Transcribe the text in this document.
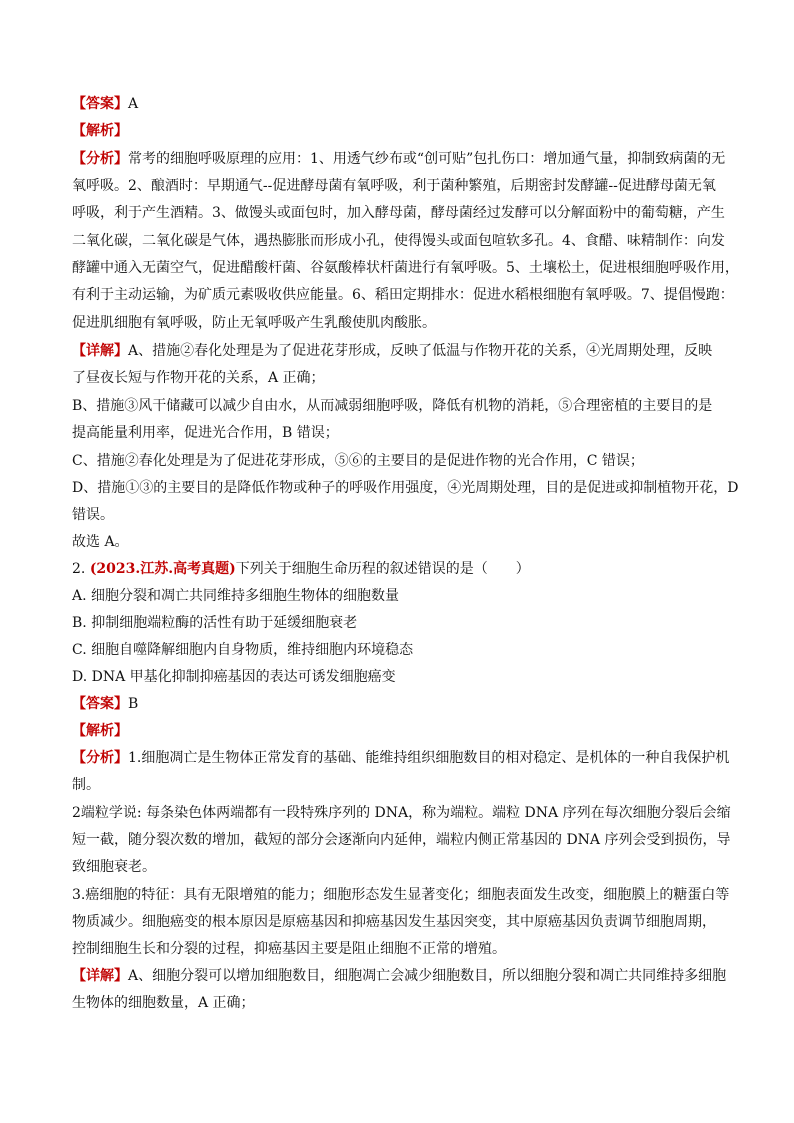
【答案】A
【解析】
【分析】常考的细胞呼吸原理的应用：1、用透气纱布或“创可贴”包扎伤口：增加通气量，抑制致病菌的无
氧呼吸。2、酿酒时：早期通气--促进酵母菌有氧呼吸，利于菌种繁殖，后期密封发酵罐--促进酵母菌无氧
呼吸，利于产生酒精。3、做馒头或面包时，加入酵母菌，酵母菌经过发酵可以分解面粉中的葡萄糖，产生
二氧化碳，二氧化碳是气体，遇热膨胀而形成小孔，使得馒头或面包喧软多孔。4、食醋、味精制作：向发
酵罐中通入无菌空气，促进醋酸杆菌、谷氨酸棒状杆菌进行有氧呼吸。5、土壤松土，促进根细胞呼吸作用，
有利于主动运输，为矿质元素吸收供应能量。6、稻田定期排水：促进水稻根细胞有氧呼吸。7、提倡慢跑：
促进肌细胞有氧呼吸，防止无氧呼吸产生乳酸使肌肉酸胀。
【详解】A、措施②春化处理是为了促进花芽形成，反映了低温与作物开花的关系，④光周期处理，反映
了昼夜长短与作物开花的关系，A 正确；
B、措施③风干储藏可以减少自由水，从而减弱细胞呼吸，降低有机物的消耗，⑤合理密植的主要目的是
提高能量利用率，促进光合作用，B 错误；
C、措施②春化处理是为了促进花芽形成，⑤⑥的主要目的是促进作物的光合作用，C 错误；
D、措施①③的主要目的是降低作物或种子的呼吸作用强度，④光周期处理，目的是促进或抑制植物开花，D
错误。
故选 A。
2. (2023.江苏.高考真题)下列关于细胞生命历程的叙述错误的是（　　）
A. 细胞分裂和凋亡共同维持多细胞生物体的细胞数量
B. 抑制细胞端粒酶的活性有助于延缓细胞衰老
C. 细胞自噬降解细胞内自身物质，维持细胞内环境稳态
D. DNA 甲基化抑制抑癌基因的表达可诱发细胞癌变
【答案】B
【解析】
【分析】1.细胞凋亡是生物体正常发育的基础、能维持组织细胞数目的相对稳定、是机体的一种自我保护机
制。
2端粒学说: 每条染色体两端都有一段特殊序列的 DNA，称为端粒。端粒 DNA 序列在每次细胞分裂后会缩
短一截，随分裂次数的增加，截短的部分会逐渐向内延伸，端粒内侧正常基因的 DNA 序列会受到损伤，导
致细胞衰老。
3.癌细胞的特征：具有无限增殖的能力；细胞形态发生显著变化；细胞表面发生改变，细胞膜上的糖蛋白等
物质减少。细胞癌变的根本原因是原癌基因和抑癌基因发生基因突变，其中原癌基因负责调节细胞周期，
控制细胞生长和分裂的过程，抑癌基因主要是阻止细胞不正常的增殖。
【详解】A、细胞分裂可以增加细胞数目，细胞凋亡会减少细胞数目，所以细胞分裂和凋亡共同维持多细胞
生物体的细胞数量，A 正确；
